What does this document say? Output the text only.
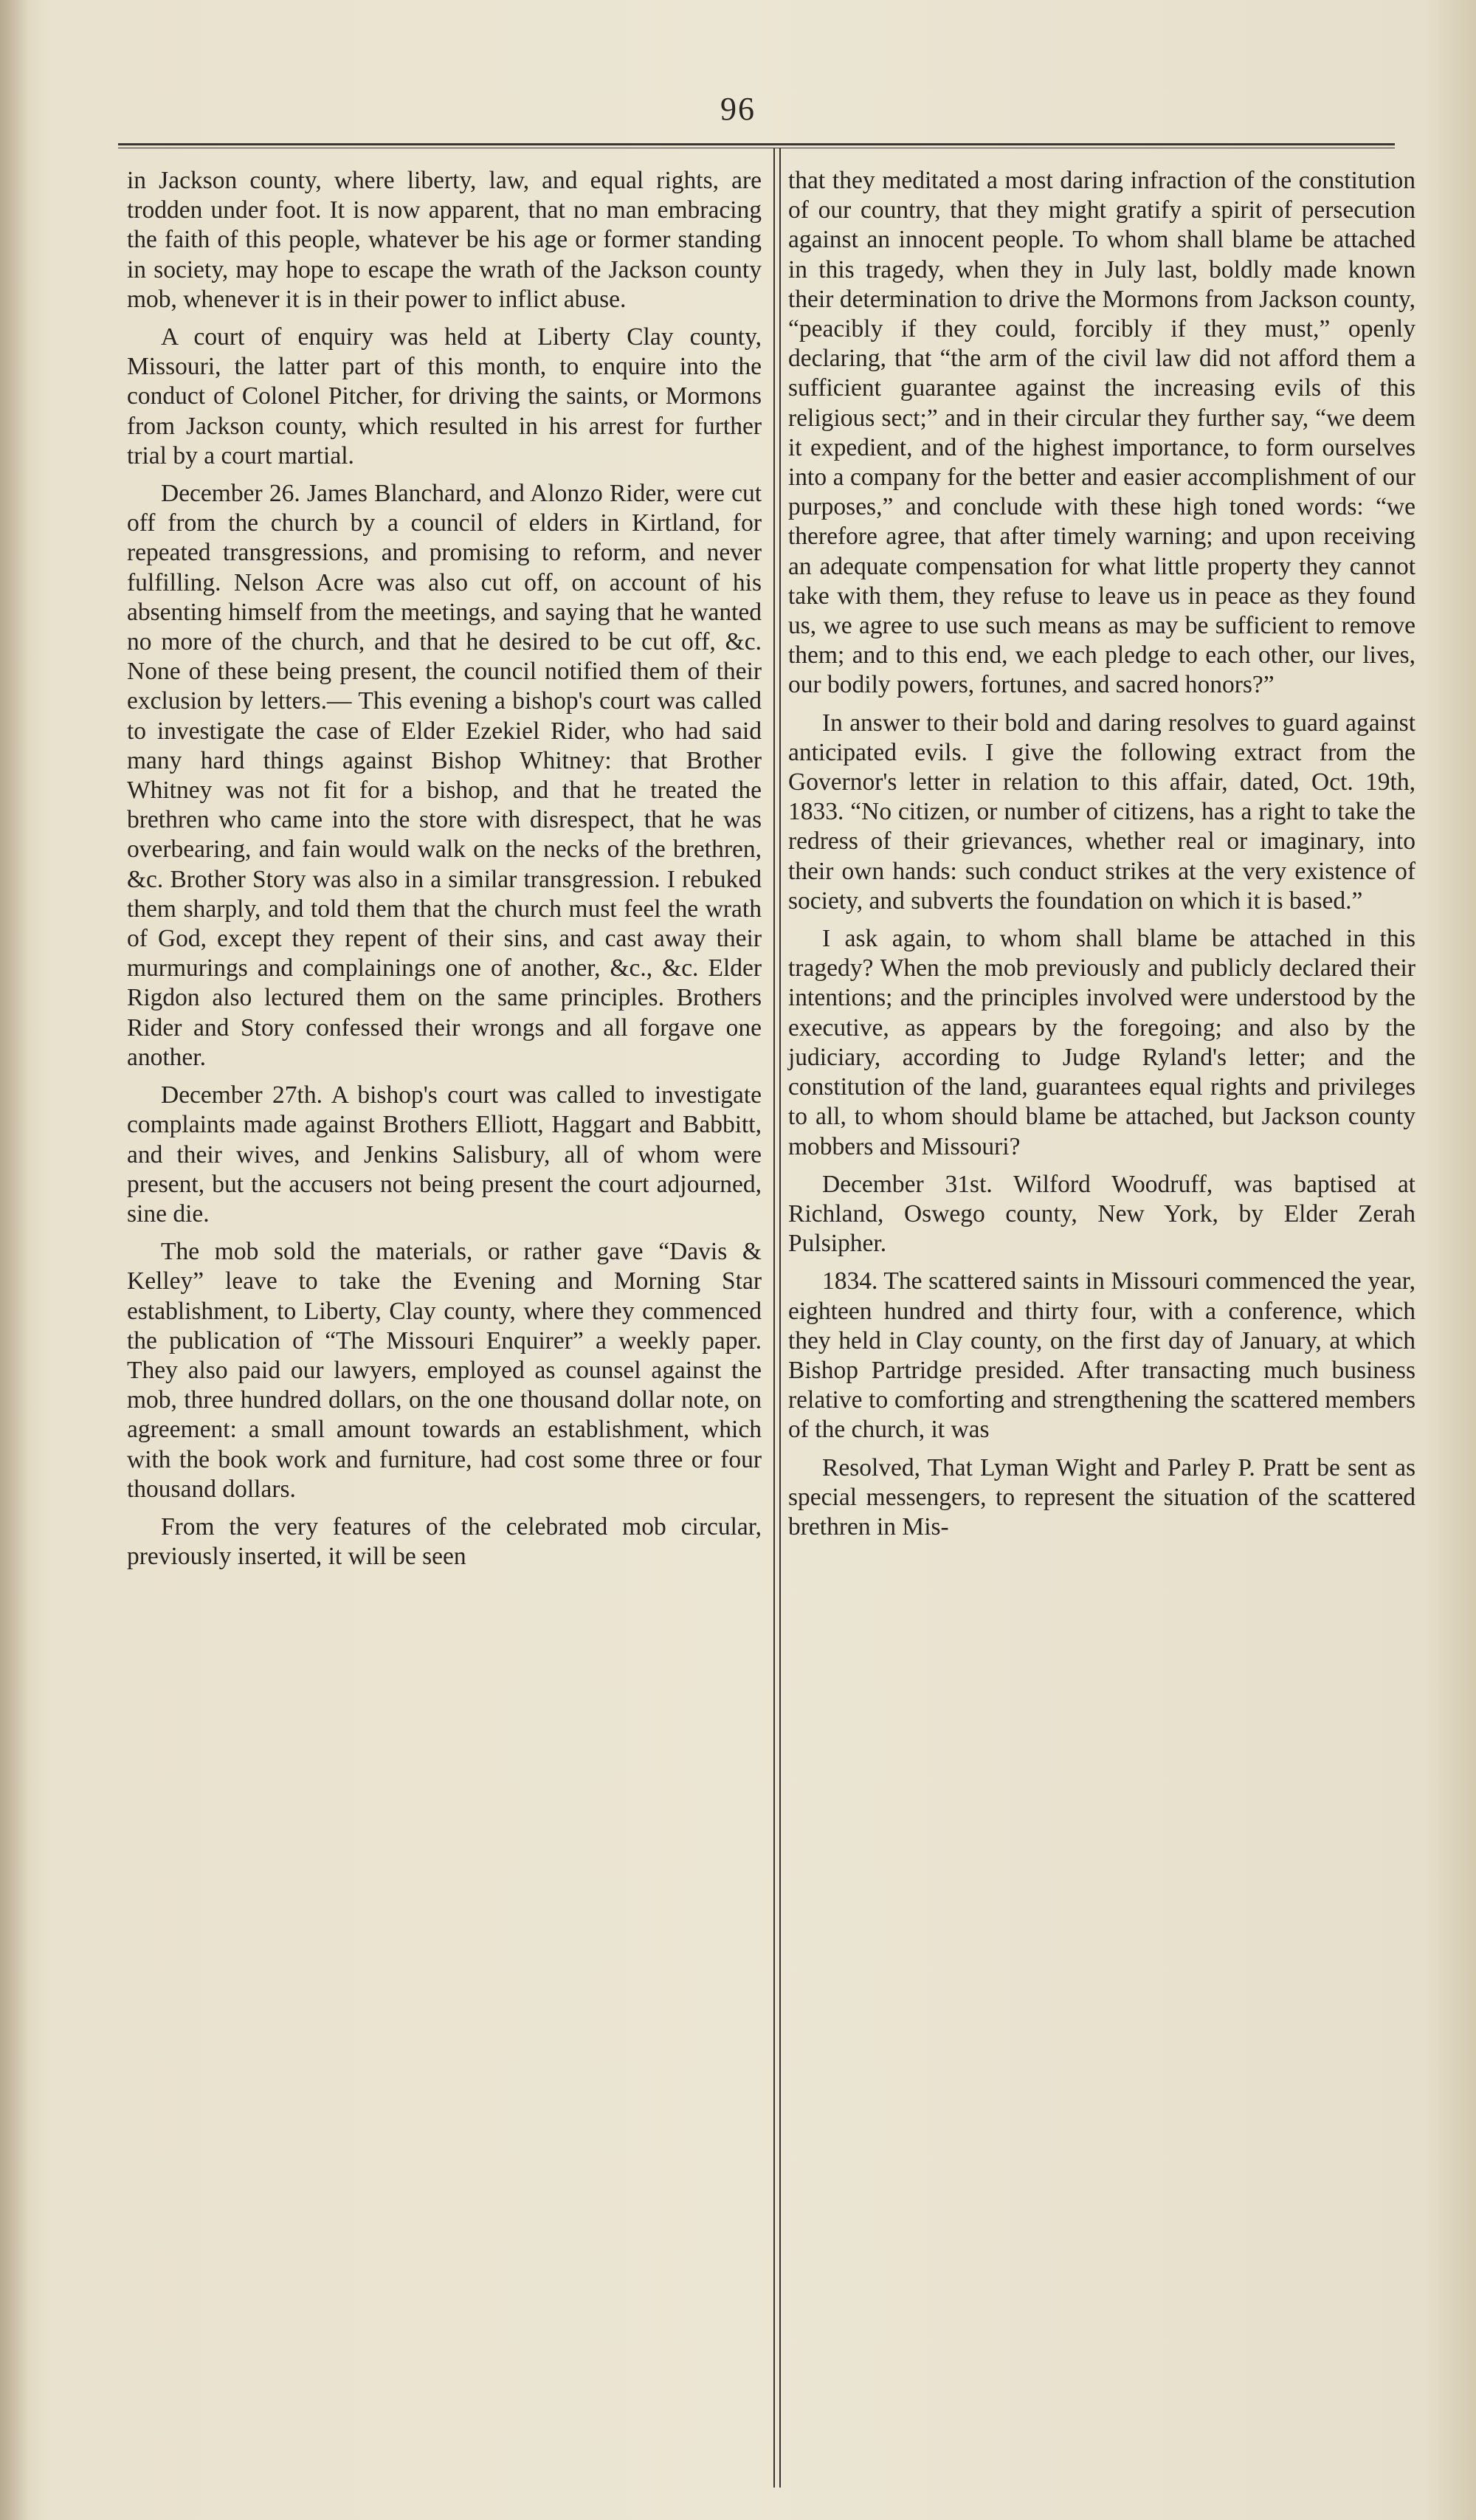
96

in Jackson county, where liberty, law, and equal rights, are trodden under foot. It is now apparent, that no man embracing the faith of this people, whatever be his age or former standing in society, may hope to escape the wrath of the Jackson county mob, whenever it is in their power to inflict abuse.

A court of enquiry was held at Liberty Clay county, Missouri, the latter part of this month, to enquire into the conduct of Colonel Pitcher, for driving the saints, or Mormons from Jackson county, which resulted in his arrest for further trial by a court martial.

December 26. James Blanchard, and Alonzo Rider, were cut off from the church by a council of elders in Kirtland, for repeated transgressions, and promising to reform, and never fulfilling. Nelson Acre was also cut off, on account of his absenting himself from the meetings, and saying that he wanted no more of the church, and that he desired to be cut off, &c. None of these being present, the council notified them of their exclusion by letters.— This evening a bishop's court was called to investigate the case of Elder Ezekiel Rider, who had said many hard things against Bishop Whitney: that Brother Whitney was not fit for a bishop, and that he treated the brethren who came into the store with disrespect, that he was overbearing, and fain would walk on the necks of the brethren, &c. Brother Story was also in a similar transgression. I rebuked them sharply, and told them that the church must feel the wrath of God, except they repent of their sins, and cast away their murmurings and complainings one of another, &c., &c. Elder Rigdon also lectured them on the same principles. Brothers Rider and Story confessed their wrongs and all forgave one another.

December 27th. A bishop's court was called to investigate complaints made against Brothers Elliott, Haggart and Babbitt, and their wives, and Jenkins Salisbury, all of whom were present, but the accusers not being present the court adjourned, sine die.

The mob sold the materials, or rather gave “Davis & Kelley” leave to take the Evening and Morning Star establishment, to Liberty, Clay county, where they commenced the publication of “The Missouri Enquirer” a weekly paper. They also paid our lawyers, employed as counsel against the mob, three hundred dollars, on the one thousand dollar note, on agreement: a small amount towards an establishment, which with the book work and furniture, had cost some three or four thousand dollars.

From the very features of the celebrated mob circular, previously inserted, it will be seen

that they meditated a most daring infraction of the constitution of our country, that they might gratify a spirit of persecution against an innocent people. To whom shall blame be attached in this tragedy, when they in July last, boldly made known their determination to drive the Mormons from Jackson county, “peacibly if they could, forcibly if they must,” openly declaring, that “the arm of the civil law did not afford them a sufficient guarantee against the increasing evils of this religious sect;” and in their circular they further say, “we deem it expedient, and of the highest importance, to form ourselves into a company for the better and easier accomplishment of our purposes,” and conclude with these high toned words: “we therefore agree, that after timely warning; and upon receiving an adequate compensation for what little property they cannot take with them, they refuse to leave us in peace as they found us, we agree to use such means as may be sufficient to remove them; and to this end, we each pledge to each other, our lives, our bodily powers, fortunes, and sacred honors?”

In answer to their bold and daring resolves to guard against anticipated evils. I give the following extract from the Governor's letter in relation to this affair, dated, Oct. 19th, 1833. “No citizen, or number of citizens, has a right to take the redress of their grievances, whether real or imaginary, into their own hands: such conduct strikes at the very existence of society, and subverts the foundation on which it is based.”

I ask again, to whom shall blame be attached in this tragedy? When the mob previously and publicly declared their intentions; and the principles involved were understood by the executive, as appears by the foregoing; and also by the judiciary, according to Judge Ryland's letter; and the constitution of the land, guarantees equal rights and privileges to all, to whom should blame be attached, but Jackson county mobbers and Missouri?

December 31st. Wilford Woodruff, was baptised at Richland, Oswego county, New York, by Elder Zerah Pulsipher.

1834. The scattered saints in Missouri commenced the year, eighteen hundred and thirty four, with a conference, which they held in Clay county, on the first day of January, at which Bishop Partridge presided. After transacting much business relative to comforting and strengthening the scattered members of the church, it was

Resolved, That Lyman Wight and Parley P. Pratt be sent as special messengers, to represent the situation of the scattered brethren in Mis-
